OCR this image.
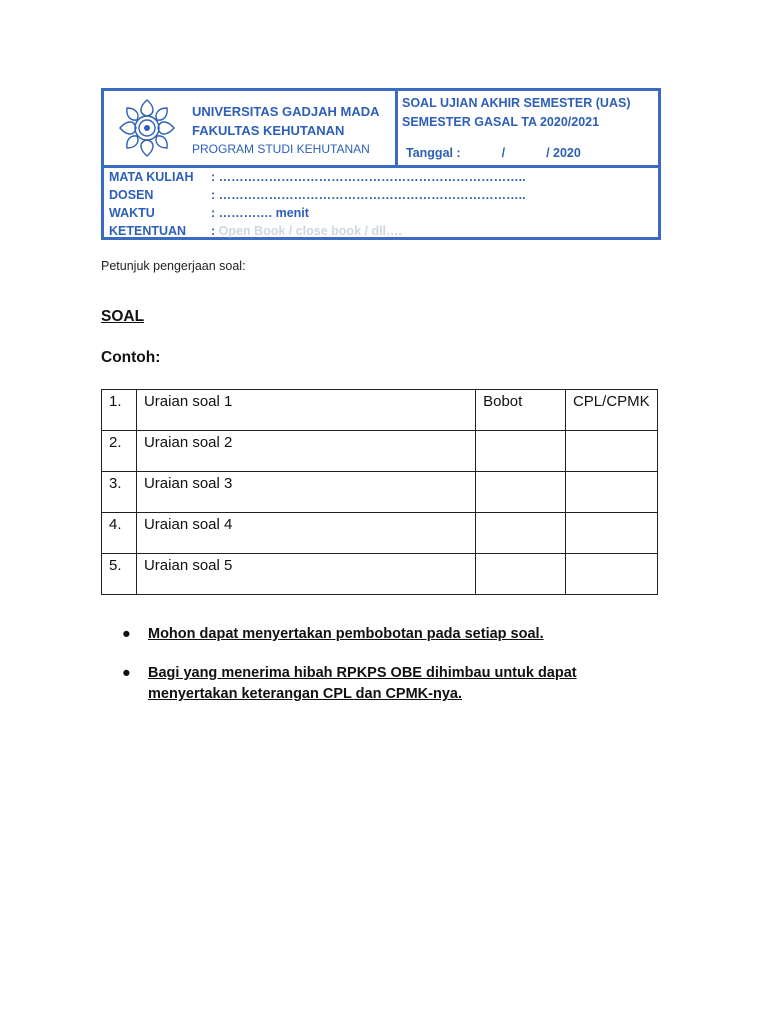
UNIVERSITAS GADJAH MADA
FAKULTAS KEHUTANAN
PROGRAM STUDI KEHUTANAN
SOAL UJIAN AKHIR SEMESTER (UAS)
SEMESTER GASAL TA 2020/2021
Tanggal :	/	/ 2020
MATA KULIAH : ………………………………………………………………..
DOSEN	: ………………………………………………………………..
WAKTU	: …………. menit
KETENTUAN : Open Book / close book / dll….
Petunjuk pengerjaan soal:
SOAL
Contoh:
1.	Uraian soal 1	Bobot	CPL/CPMK
2.	Uraian soal 2		
3.	Uraian soal 3		
4.	Uraian soal 4		
5.	Uraian soal 5		
● Mohon dapat menyertakan pembobotan pada setiap soal.
● Bagi yang menerima hibah RPKPS OBE dihimbau untuk dapat
menyertakan keterangan CPL dan CPMK-nya.
